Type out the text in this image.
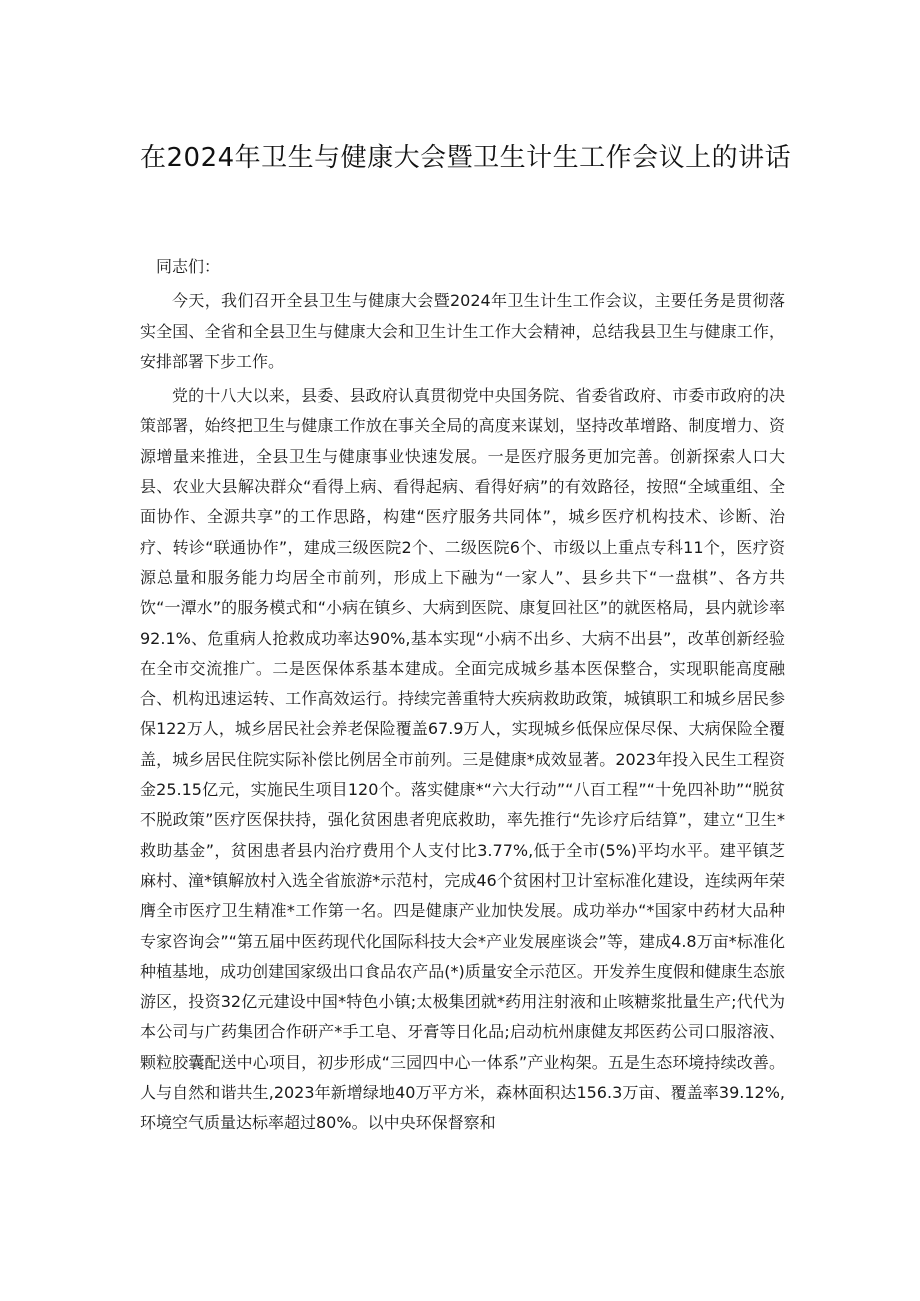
在2024年卫生与健康大会暨卫生计生工作会议上的讲话

同志们：

今天，我们召开全县卫生与健康大会暨2024年卫生计生工作会议，主要任务是贯彻落实全国、全省和全县卫生与健康大会和卫生计生工作大会精神，总结我县卫生与健康工作，安排部署下步工作。

党的十八大以来，县委、县政府认真贯彻党中央国务院、省委省政府、市委市政府的决策部署，始终把卫生与健康工作放在事关全局的高度来谋划，坚持改革增路、制度增力、资源增量来推进，全县卫生与健康事业快速发展。一是医疗服务更加完善。创新探索人口大县、农业大县解决群众“看得上病、看得起病、看得好病”的有效路径，按照“全域重组、全面协作、全源共享”的工作思路，构建“医疗服务共同体”，城乡医疗机构技术、诊断、治疗、转诊“联通协作”，建成三级医院2个、二级医院6个、市级以上重点专科11个，医疗资源总量和服务能力均居全市前列，形成上下融为“一家人”、县乡共下“一盘棋”、各方共饮“一潭水”的服务模式和“小病在镇乡、大病到医院、康复回社区”的就医格局，县内就诊率92.1%、危重病人抢救成功率达90%,基本实现“小病不出乡、大病不出县”，改革创新经验在全市交流推广。二是医保体系基本建成。全面完成城乡基本医保整合，实现职能高度融合、机构迅速运转、工作高效运行。持续完善重特大疾病救助政策，城镇职工和城乡居民参保122万人，城乡居民社会养老保险覆盖67.9万人，实现城乡低保应保尽保、大病保险全覆盖，城乡居民住院实际补偿比例居全市前列。三是健康*成效显著。2023年投入民生工程资金25.15亿元，实施民生项目120个。落实健康*“六大行动”“八百工程”“十免四补助”“脱贫不脱政策”医疗医保扶持，强化贫困患者兜底救助，率先推行“先诊疗后结算”，建立“卫生*救助基金”，贫困患者县内治疗费用个人支付比3.77%,低于全市(5%)平均水平。建平镇芝麻村、潼*镇解放村入选全省旅游*示范村，完成46个贫困村卫计室标准化建设，连续两年荣膺全市医疗卫生精准*工作第一名。四是健康产业加快发展。成功举办“*国家中药材大品种专家咨询会”“第五届中医药现代化国际科技大会*产业发展座谈会”等，建成4.8万亩*标准化种植基地，成功创建国家级出口食品农产品(*)质量安全示范区。开发养生度假和健康生态旅游区，投资32亿元建设中国*特色小镇;太极集团就*药用注射液和止咳糖浆批量生产;代代为本公司与广药集团合作研产*手工皂、牙膏等日化品;启动杭州康健友邦医药公司口服溶液、颗粒胶囊配送中心项目，初步形成“三园四中心一体系”产业构架。五是生态环境持续改善。人与自然和谐共生,2023年新增绿地40万平方米，森林面积达156.3万亩、覆盖率39.12%,环境空气质量达标率超过80%。以中央环保督察和
